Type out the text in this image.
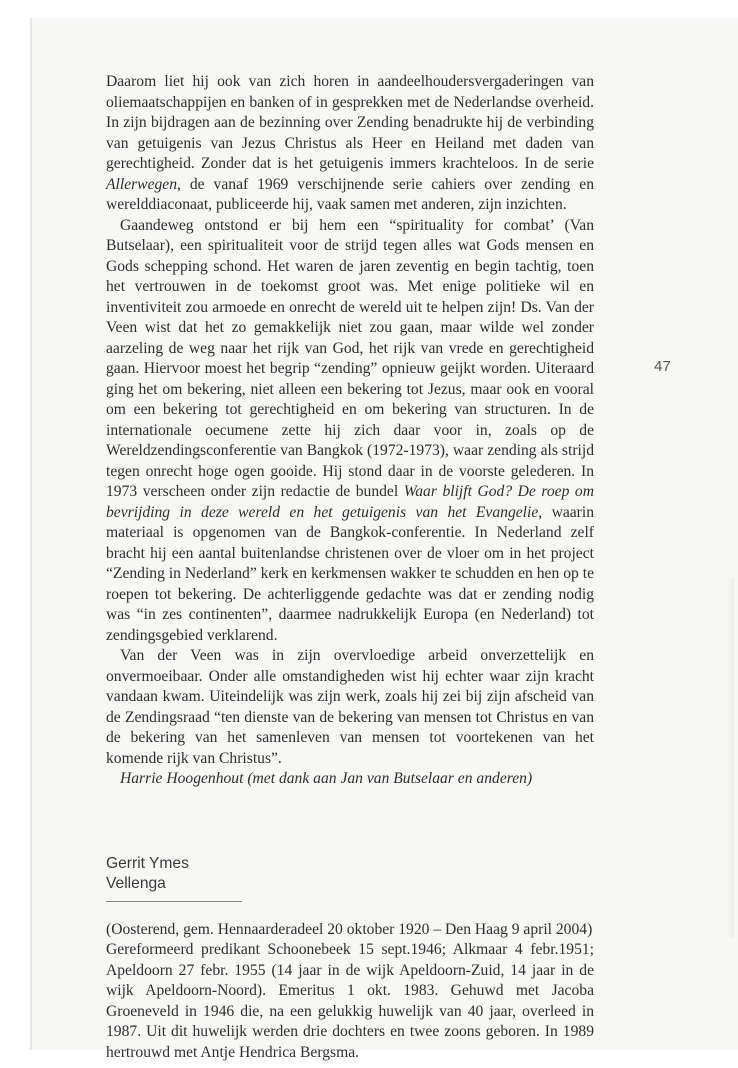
Daarom liet hij ook van zich horen in aandeelhoudersvergaderingen van oliemaatschappijen en banken of in gesprekken met de Nederlandse overheid. In zijn bijdragen aan de bezinning over Zending benadrukte hij de verbinding van getuigenis van Jezus Christus als Heer en Heiland met daden van gerechtigheid. Zonder dat is het getuigenis immers krachteloos. In de serie Allerwegen, de vanaf 1969 verschijnende serie cahiers over zending en werelddiaconaat, publiceerde hij, vaak samen met anderen, zijn inzichten.

Gaandeweg ontstond er bij hem een “spirituality for combat’ (Van Butselaar), een spiritualiteit voor de strijd tegen alles wat Gods mensen en Gods schepping schond. Het waren de jaren zeventig en begin tachtig, toen het vertrouwen in de toekomst groot was. Met enige politieke wil en inventiviteit zou armoede en onrecht de wereld uit te helpen zijn! Ds. Van der Veen wist dat het zo gemakkelijk niet zou gaan, maar wilde wel zonder aarzeling de weg naar het rijk van God, het rijk van vrede en gerechtigheid gaan. Hiervoor moest het begrip “zending” opnieuw geijkt worden. Uiteraard ging het om bekering, niet alleen een bekering tot Jezus, maar ook en vooral om een bekering tot gerechtigheid en om bekering van structuren. In de internationale oecumene zette hij zich daar voor in, zoals op de Wereldzendingsconferentie van Bangkok (1972-1973), waar zending als strijd tegen onrecht hoge ogen gooide. Hij stond daar in de voorste gelederen. In 1973 verscheen onder zijn redactie de bundel Waar blijft God? De roep om bevrijding in deze wereld en het getuigenis van het Evangelie, waarin materiaal is opgenomen van de Bangkok-conferentie. In Nederland zelf bracht hij een aantal buitenlandse christenen over de vloer om in het project “Zending in Nederland” kerk en kerkmensen wakker te schudden en hen op te roepen tot bekering. De achterliggende gedachte was dat er zending nodig was “in zes continenten”, daarmee nadrukkelijk Europa (en Nederland) tot zendingsgebied verklarend.

Van der Veen was in zijn overvloedige arbeid onverzettelijk en onvermoeibaar. Onder alle omstandigheden wist hij echter waar zijn kracht vandaan kwam. Uiteindelijk was zijn werk, zoals hij zei bij zijn afscheid van de Zendingsraad “ten dienste van de bekering van mensen tot Christus en van de bekering van het samenleven van mensen tot voortekenen van het komende rijk van Christus”.

Harrie Hoogenhout (met dank aan Jan van Butselaar en anderen)

Gerrit Ymes Vellenga

(Oosterend, gem. Hennaarderadeel 20 oktober 1920 – Den Haag 9 april 2004)

Gereformeerd predikant Schoonebeek 15 sept.1946; Alkmaar 4 febr.1951; Apeldoorn 27 febr. 1955 (14 jaar in de wijk Apeldoorn-Zuid, 14 jaar in de wijk Apeldoorn-Noord). Emeritus 1 okt. 1983. Gehuwd met Jacoba Groeneveld in 1946 die, na een gelukkig huwelijk van 40 jaar, overleed in 1987. Uit dit huwelijk werden drie dochters en twee zoons geboren. In 1989 hertrouwd met Antje Hendrica Bergsma.

47
